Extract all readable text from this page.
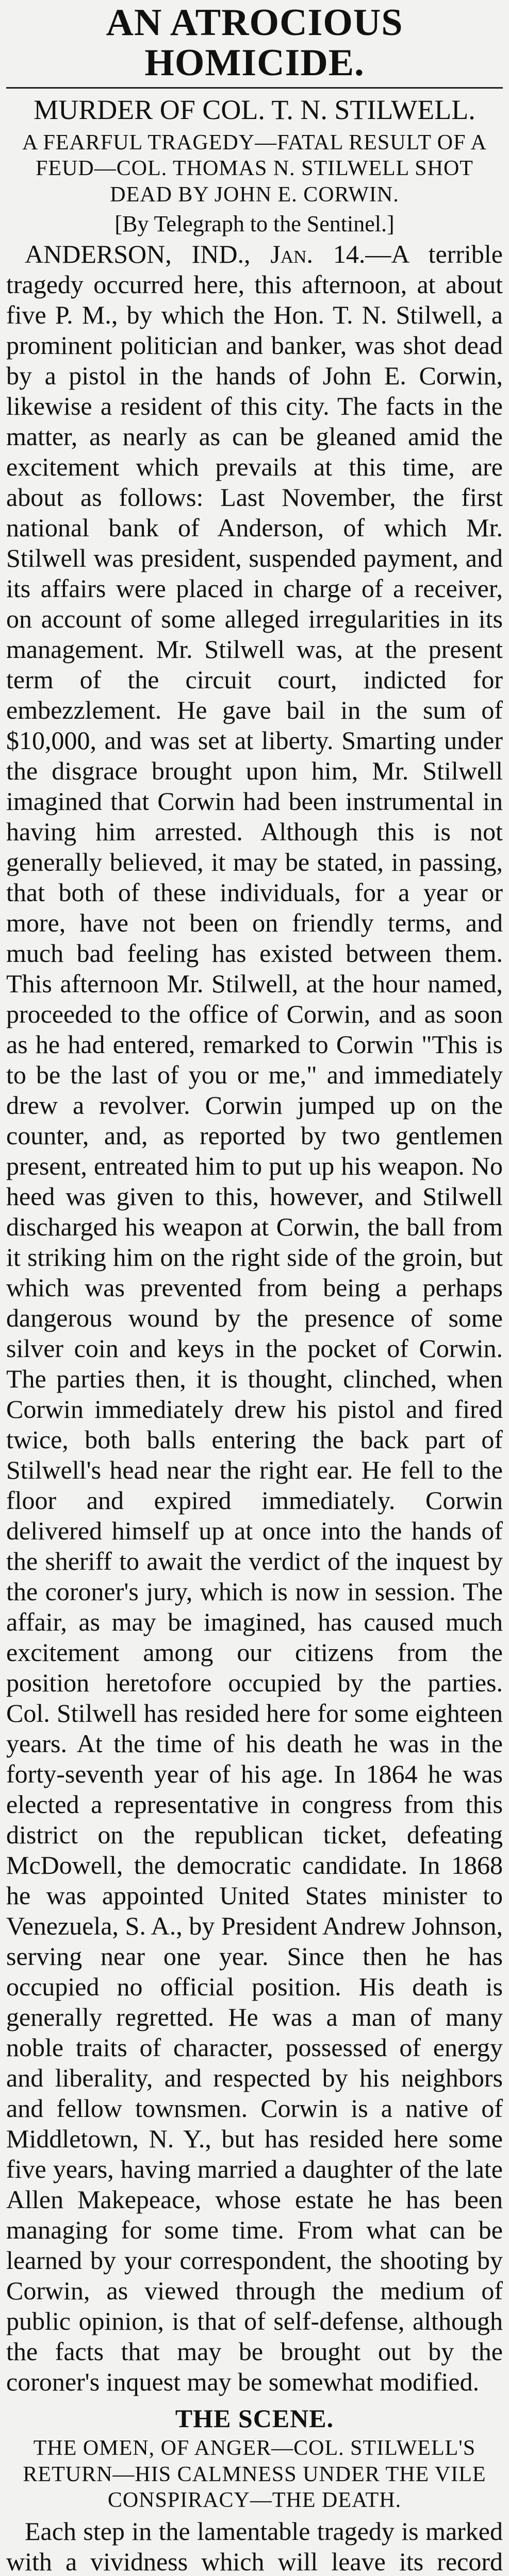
AN ATROCIOUS HOMICIDE.
MURDER OF COL. T. N. STILWELL.
A FEARFUL TRAGEDY—FATAL RESULT OF A FEUD—COL. THOMAS N. STILWELL SHOT DEAD BY JOHN E. CORWIN.
[By Telegraph to the Sentinel.]

ANDERSON, IND., Jan. 14.—A terrible tragedy occurred here, this afternoon, at about five P. M., by which the Hon. T. N. Stilwell, a prominent politician and banker, was shot dead by a pistol in the hands of John E. Corwin, likewise a resident of this city. The facts in the matter, as nearly as can be gleaned amid the excitement which prevails at this time, are about as follows: Last November, the first national bank of Anderson, of which Mr. Stilwell was president, suspended payment, and its affairs were placed in charge of a receiver, on account of some alleged irregularities in its management. Mr. Stilwell was, at the present term of the circuit court, indicted for embezzlement. He gave bail in the sum of $10,000, and was set at liberty. Smarting under the disgrace brought upon him, Mr. Stilwell imagined that Corwin had been instrumental in having him arrested. Although this is not generally believed, it may be stated, in passing, that both of these individuals, for a year or more, have not been on friendly terms, and much bad feeling has existed between them. This afternoon Mr. Stilwell, at the hour named, proceeded to the office of Corwin, and as soon as he had entered, remarked to Corwin "This is to be the last of you or me," and immediately drew a revolver. Corwin jumped up on the counter, and, as reported by two gentlemen present, entreated him to put up his weapon. No heed was given to this, however, and Stilwell discharged his weapon at Corwin, the ball from it striking him on the right side of the groin, but which was prevented from being a perhaps dangerous wound by the presence of some silver coin and keys in the pocket of Corwin. The parties then, it is thought, clinched, when Corwin immediately drew his pistol and fired twice, both balls entering the back part of Stilwell's head near the right ear. He fell to the floor and expired immediately. Corwin delivered himself up at once into the hands of the sheriff to await the verdict of the inquest by the coroner's jury, which is now in session. The affair, as may be imagined, has caused much excitement among our citizens from the position heretofore occupied by the parties. Col. Stilwell has resided here for some eighteen years. At the time of his death he was in the forty-seventh year of his age. In 1864 he was elected a representative in congress from this district on the republican ticket, defeating McDowell, the democratic candidate. In 1868 he was appointed United States minister to Venezuela, S. A., by President Andrew Johnson, serving near one year. Since then he has occupied no official position. His death is generally regretted. He was a man of many noble traits of character, possessed of energy and liberality, and respected by his neighbors and fellow townsmen. Corwin is a native of Middletown, N. Y., but has resided here some five years, having married a daughter of the late Allen Makepeace, whose estate he has been managing for some time. From what can be learned by your correspondent, the shooting by Corwin, as viewed through the medium of public opinion, is that of self-defense, although the facts that may be brought out by the coroner's inquest may be somewhat modified.

THE SCENE.
THE OMEN, OF ANGER—COL. STILWELL'S RETURN—HIS CALMNESS UNDER THE VILE CONSPIRACY—THE DEATH.

Each step in the lamentable tragedy is marked with a vividness which will leave its record
